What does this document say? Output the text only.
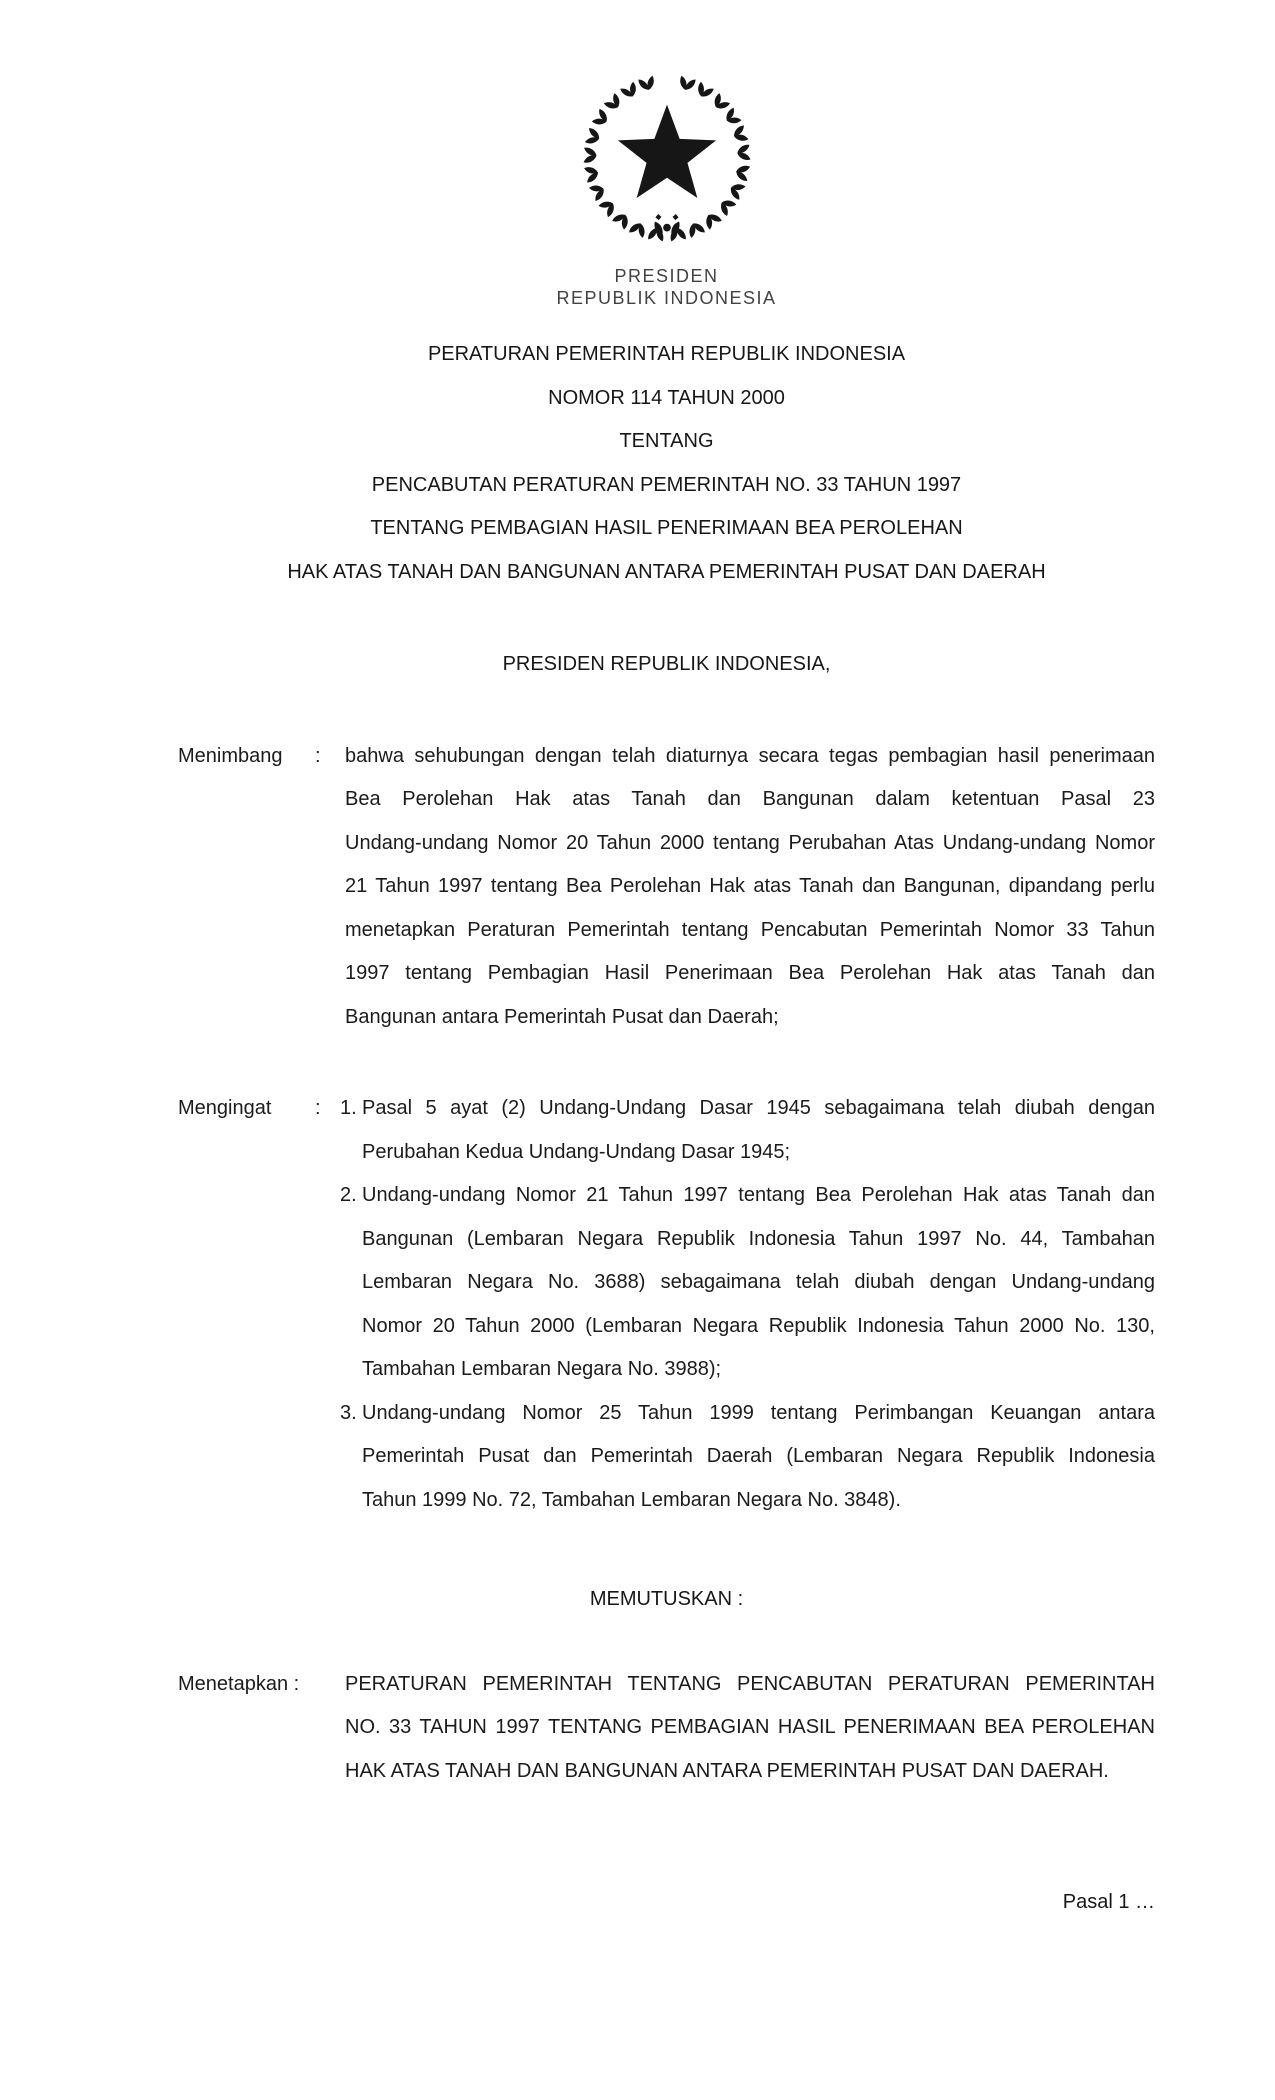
PRESIDEN
REPUBLIK INDONESIA
PERATURAN PEMERINTAH REPUBLIK INDONESIA
NOMOR 114 TAHUN 2000
TENTANG
PENCABUTAN PERATURAN PEMERINTAH NO. 33 TAHUN 1997
TENTANG PEMBAGIAN HASIL PENERIMAAN BEA PEROLEHAN
HAK ATAS TANAH DAN BANGUNAN ANTARA PEMERINTAH PUSAT DAN DAERAH
PRESIDEN REPUBLIK INDONESIA,
Menimbang	:	bahwa sehubungan dengan telah diaturnya secara tegas pembagian hasil penerimaan
Bea Perolehan Hak atas Tanah dan Bangunan dalam ketentuan Pasal 23
Undang-undang Nomor 20 Tahun 2000 tentang Perubahan Atas Undang-undang Nomor
21 Tahun 1997 tentang Bea Perolehan Hak atas Tanah dan Bangunan, dipandang perlu
menetapkan Peraturan Pemerintah tentang Pencabutan Pemerintah Nomor 33 Tahun
1997 tentang Pembagian Hasil Penerimaan Bea Perolehan Hak atas Tanah dan
Bangunan antara Pemerintah Pusat dan Daerah;
Mengingat	: 1. Pasal 5 ayat (2) Undang-Undang Dasar 1945 sebagaimana telah diubah dengan
Perubahan Kedua Undang-Undang Dasar 1945;
2. Undang-undang Nomor 21 Tahun 1997 tentang Bea Perolehan Hak atas Tanah dan
Bangunan (Lembaran Negara Republik Indonesia Tahun 1997 No. 44, Tambahan
Lembaran Negara No. 3688) sebagaimana telah diubah dengan Undang-undang
Nomor 20 Tahun 2000 (Lembaran Negara Republik Indonesia Tahun 2000 No. 130,
Tambahan Lembaran Negara No. 3988);
3. Undang-undang Nomor 25 Tahun 1999 tentang Perimbangan Keuangan antara
Pemerintah Pusat dan Pemerintah Daerah (Lembaran Negara Republik Indonesia
Tahun 1999 No. 72, Tambahan Lembaran Negara No. 3848).
MEMUTUSKAN :
Menetapkan :	PERATURAN PEMERINTAH TENTANG PENCABUTAN PERATURAN PEMERINTAH
NO. 33 TAHUN 1997 TENTANG PEMBAGIAN HASIL PENERIMAAN BEA PEROLEHAN
HAK ATAS TANAH DAN BANGUNAN ANTARA PEMERINTAH PUSAT DAN DAERAH.
Pasal 1 …
